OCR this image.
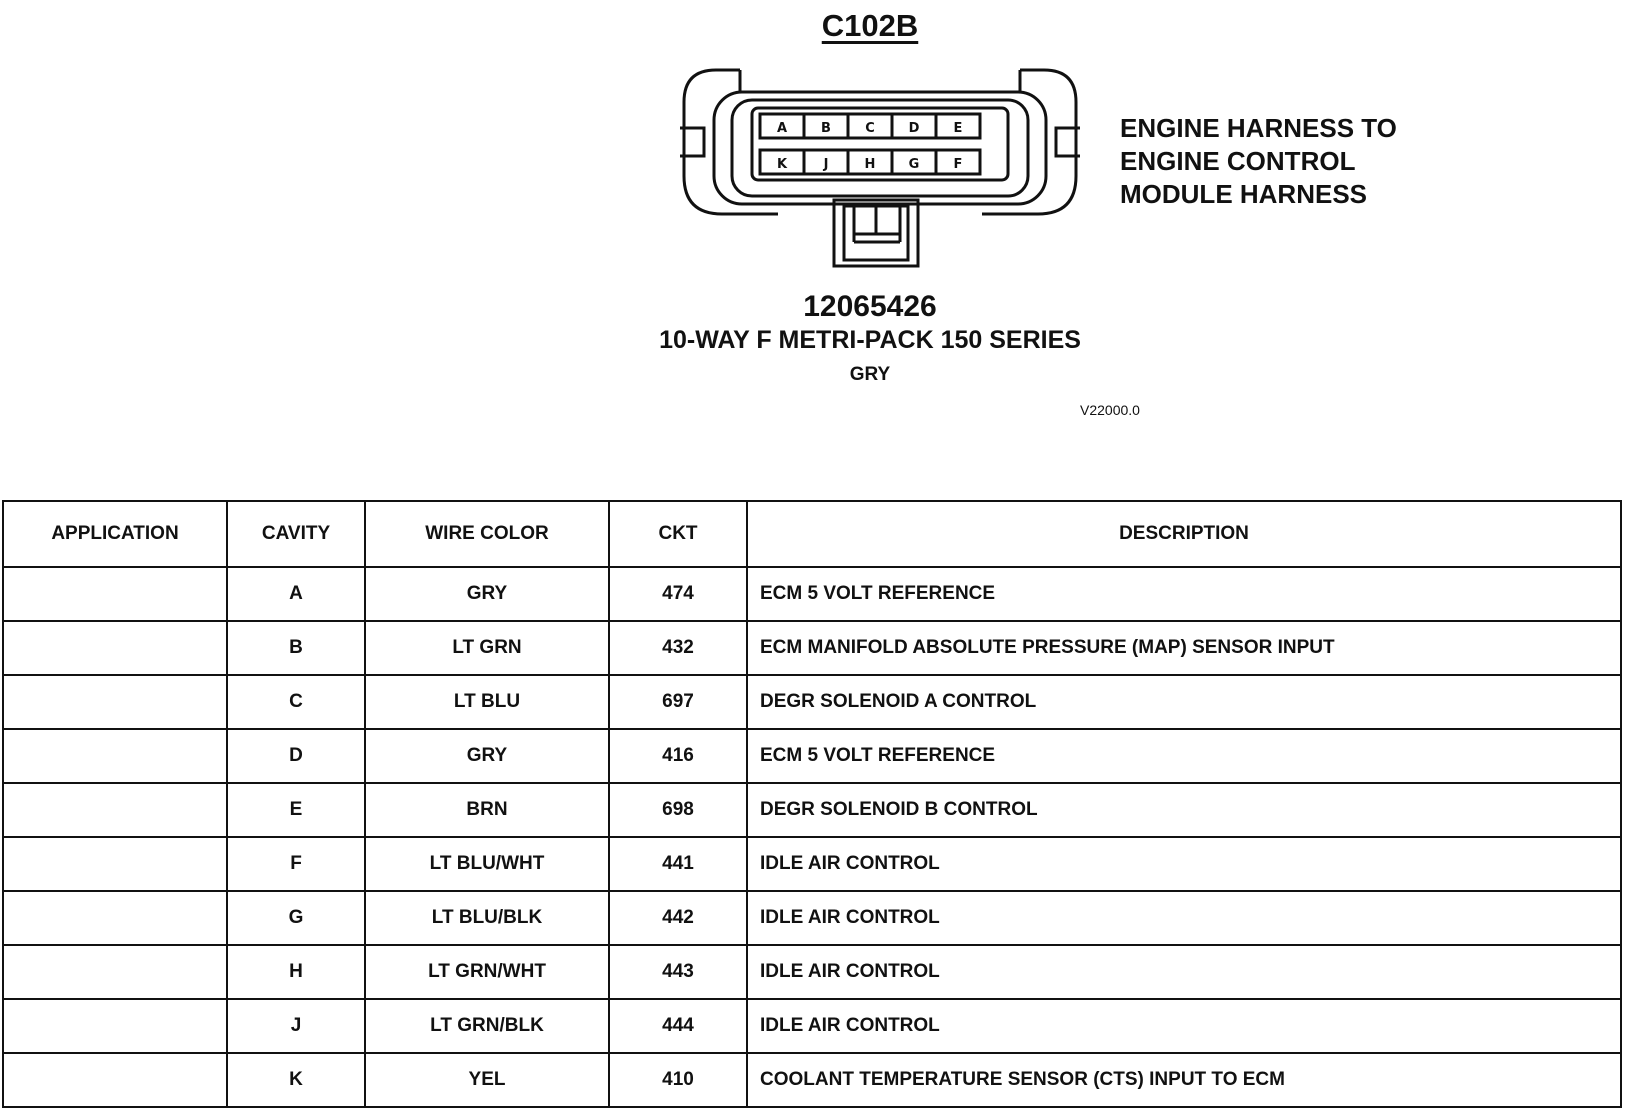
C102B
A	B	C	D	E
K	J	H	G	F
ENGINE HARNESS TO
ENGINE CONTROL
MODULE HARNESS
12065426
10-WAY F METRI-PACK 150 SERIES
GRY
V22000.0
APPLICATION	CAVITY	WIRE COLOR	CKT	DESCRIPTION
	A	GRY	474	ECM 5 VOLT REFERENCE
	B	LT GRN	432	ECM MANIFOLD ABSOLUTE PRESSURE (MAP) SENSOR INPUT
	C	LT BLU	697	DEGR SOLENOID A CONTROL
	D	GRY	416	ECM 5 VOLT REFERENCE
	E	BRN	698	DEGR SOLENOID B CONTROL
	F	LT BLU/WHT	441	IDLE AIR CONTROL
	G	LT BLU/BLK	442	IDLE AIR CONTROL
	H	LT GRN/WHT	443	IDLE AIR CONTROL
	J	LT GRN/BLK	444	IDLE AIR CONTROL
	K	YEL	410	COOLANT TEMPERATURE SENSOR (CTS) INPUT TO ECM
